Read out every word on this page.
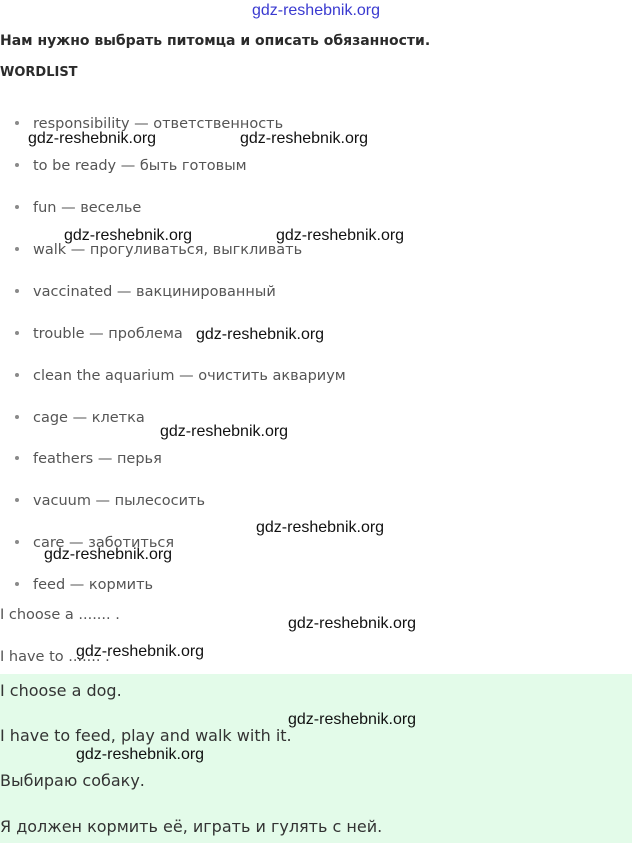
gdz-reshebnik.org
Нам нужно выбрать питомца и описать обязанности.
WORDLIST
responsibility — ответственность
to be ready — быть готовым
fun — веселье
walk — прогуливаться, выгкливать
vaccinated — вакцинированный
trouble — проблема
clean the aquarium — очистить аквариум
cage — клетка
feathers — перья
vacuum — пылесосить
care — заботиться
feed — кормить
I choose a ....... .
I have to ....... .
I choose a dog.
I have to feed, play and walk with it.
Выбираю собаку.
Я должен кормить её, играть и гулять с ней.
gdz-reshebnik.org	gdz-reshebnik.org
gdz-reshebnik.org	gdz-reshebnik.org
gdz-reshebnik.org
gdz-reshebnik.org
gdz-reshebnik.org
gdz-reshebnik.org
gdz-reshebnik.org
gdz-reshebnik.org
gdz-reshebnik.org
gdz-reshebnik.org
